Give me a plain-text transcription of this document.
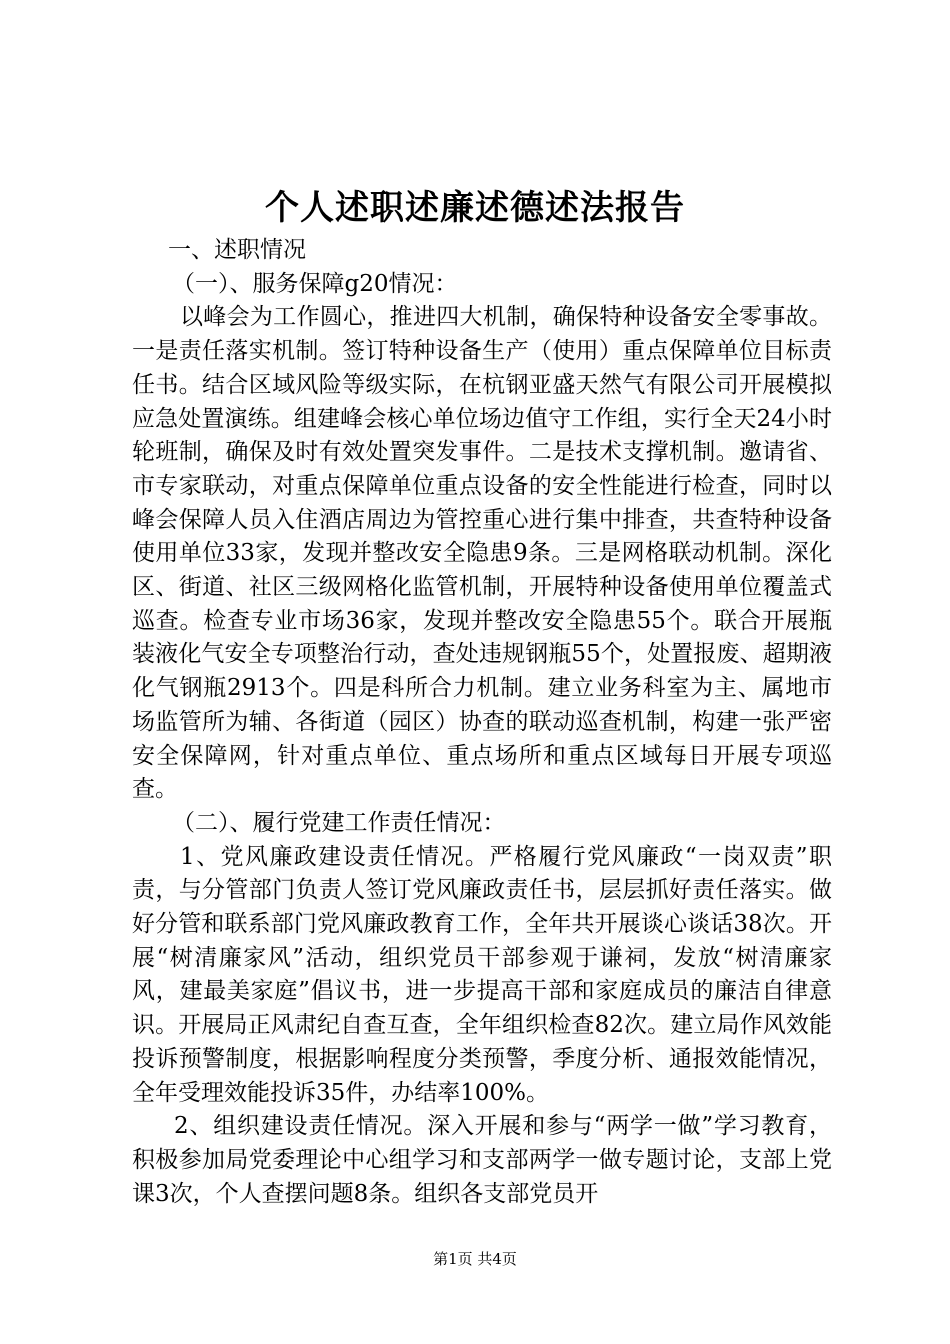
个人述职述廉述德述法报告

一、述职情况

（一）、服务保障g20情况：

以峰会为工作圆心，推进四大机制，确保特种设备安全零事故。一是责任落实机制。签订特种设备生产（使用）重点保障单位目标责任书。结合区域风险等级实际，在杭钢亚盛天然气有限公司开展模拟应急处置演练。组建峰会核心单位场边值守工作组，实行全天24小时轮班制，确保及时有效处置突发事件。二是技术支撑机制。邀请省、市专家联动，对重点保障单位重点设备的安全性能进行检查，同时以峰会保障人员入住酒店周边为管控重心进行集中排查，共查特种设备使用单位33家，发现并整改安全隐患9条。三是网格联动机制。深化区、街道、社区三级网格化监管机制，开展特种设备使用单位覆盖式巡查。检查专业市场36家，发现并整改安全隐患55个。联合开展瓶装液化气安全专项整治行动，查处违规钢瓶55个，处置报废、超期液化气钢瓶2913个。四是科所合力机制。建立业务科室为主、属地市场监管所为辅、各街道（园区）协查的联动巡查机制，构建一张严密安全保障网，针对重点单位、重点场所和重点区域每日开展专项巡查。

（二）、履行党建工作责任情况：

1、党风廉政建设责任情况。严格履行党风廉政“一岗双责”职责，与分管部门负责人签订党风廉政责任书，层层抓好责任落实。做好分管和联系部门党风廉政教育工作，全年共开展谈心谈话38次。开展“树清廉家风”活动，组织党员干部参观于谦祠，发放“树清廉家风，建最美家庭”倡议书，进一步提高干部和家庭成员的廉洁自律意识。开展局正风肃纪自查互查，全年组织检查82次。建立局作风效能投诉预警制度，根据影响程度分类预警，季度分析、通报效能情况，全年受理效能投诉35件，办结率100%。

2、组织建设责任情况。深入开展和参与“两学一做”学习教育，积极参加局党委理论中心组学习和支部两学一做专题讨论，支部上党课3次，个人查摆问题8条。组织各支部党员开

第1页 共4页
